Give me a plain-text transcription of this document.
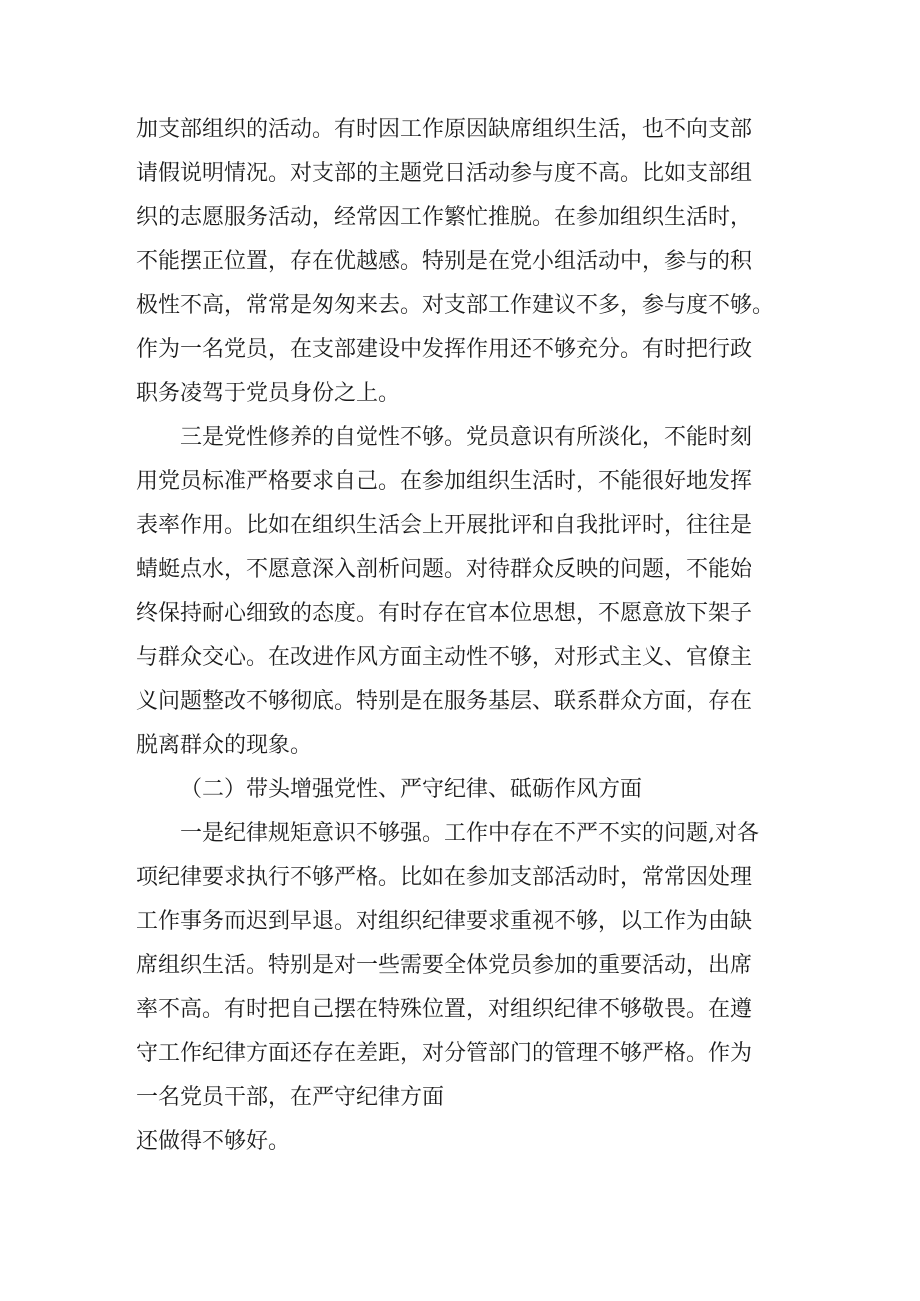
加支部组织的活动。有时因工作原因缺席组织生活，也不向支部
请假说明情况。对支部的主题党日活动参与度不高。比如支部组
织的志愿服务活动，经常因工作繁忙推脱。在参加组织生活时，
不能摆正位置，存在优越感。特别是在党小组活动中，参与的积
极性不高，常常是匆匆来去。对支部工作建议不多，参与度不够。
作为一名党员，在支部建设中发挥作用还不够充分。有时把行政
职务凌驾于党员身份之上。
三是党性修养的自觉性不够。党员意识有所淡化，不能时刻
用党员标准严格要求自己。在参加组织生活时，不能很好地发挥
表率作用。比如在组织生活会上开展批评和自我批评时，往往是
蜻蜓点水，不愿意深入剖析问题。对待群众反映的问题，不能始
终保持耐心细致的态度。有时存在官本位思想，不愿意放下架子
与群众交心。在改进作风方面主动性不够，对形式主义、官僚主
义问题整改不够彻底。特别是在服务基层、联系群众方面，存在
脱离群众的现象。
（二）带头增强党性、严守纪律、砥砺作风方面
一是纪律规矩意识不够强。工作中存在不严不实的问题,对各
项纪律要求执行不够严格。比如在参加支部活动时，常常因处理
工作事务而迟到早退。对组织纪律要求重视不够，以工作为由缺
席组织生活。特别是对一些需要全体党员参加的重要活动，出席
率不高。有时把自己摆在特殊位置，对组织纪律不够敬畏。在遵
守工作纪律方面还存在差距，对分管部门的管理不够严格。作为
一名党员干部，在严守纪律方面
还做得不够好。
